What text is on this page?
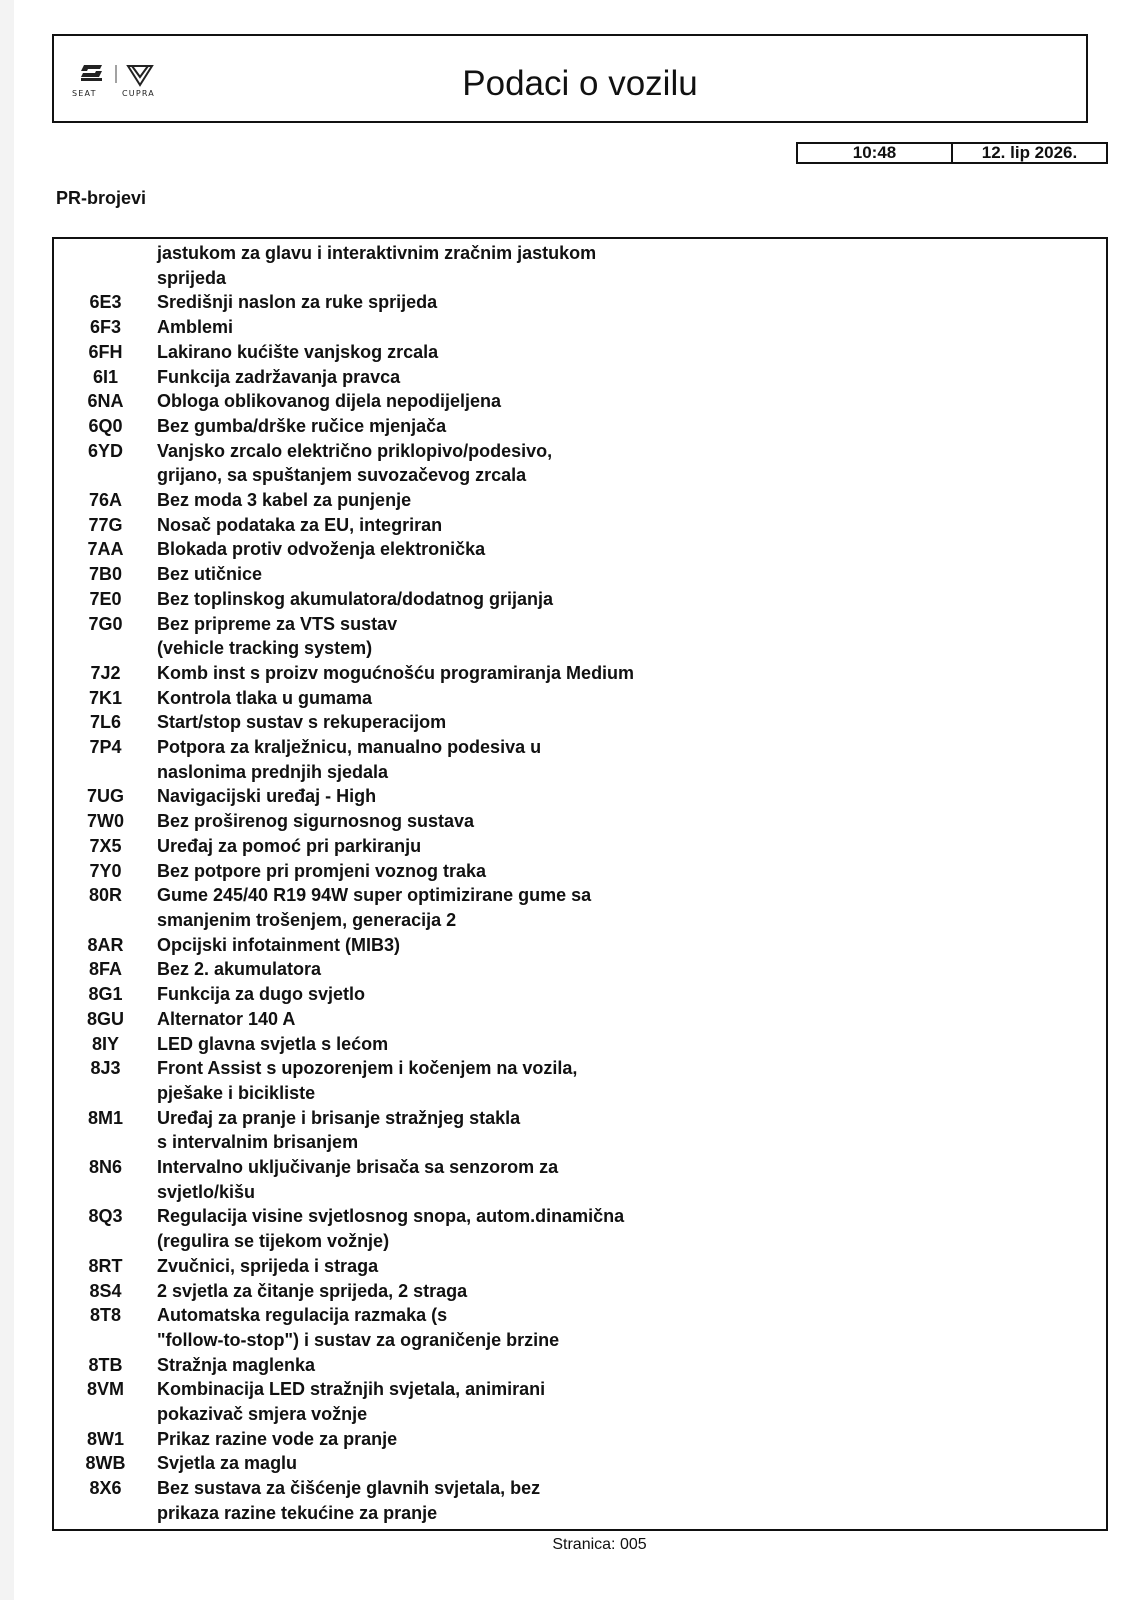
SEAT	CUPRA	Podaci o vozilu
10:48	12. lip 2026.
PR-brojevi
jastukom za glavu i interaktivnim zračnim jastukom
sprijeda
6E3	Središnji naslon za ruke sprijeda
6F3	Amblemi
6FH	Lakirano kućište vanjskog zrcala
6I1	Funkcija zadržavanja pravca
6NA	Obloga oblikovanog dijela nepodijeljena
6Q0	Bez gumba/drške ručice mjenjača
6YD	Vanjsko zrcalo električno priklopivo/podesivo,
grijano, sa spuštanjem suvozačevog zrcala
76A	Bez moda 3 kabel za punjenje
77G	Nosač podataka za EU, integriran
7AA	Blokada protiv odvoženja elektronička
7B0	Bez utičnice
7E0	Bez toplinskog akumulatora/dodatnog grijanja
7G0	Bez pripreme za VTS sustav
(vehicle tracking system)
7J2	Komb inst s proizv mogućnošću programiranja Medium
7K1	Kontrola tlaka u gumama
7L6	Start/stop sustav s rekuperacijom
7P4	Potpora za kralježnicu, manualno podesiva u
naslonima prednjih sjedala
7UG	Navigacijski uređaj - High
7W0	Bez proširenog sigurnosnog sustava
7X5	Uređaj za pomoć pri parkiranju
7Y0	Bez potpore pri promjeni voznog traka
80R	Gume 245/40 R19 94W super optimizirane gume sa
smanjenim trošenjem, generacija 2
8AR	Opcijski infotainment (MIB3)
8FA	Bez 2. akumulatora
8G1	Funkcija za dugo svjetlo
8GU	Alternator 140 A
8IY	LED glavna svjetla s lećom
8J3	Front Assist s upozorenjem i kočenjem na vozila,
pješake i bicikliste
8M1	Uređaj za pranje i brisanje stražnjeg stakla
s intervalnim brisanjem
8N6	Intervalno uključivanje brisača sa senzorom za
svjetlo/kišu
8Q3	Regulacija visine svjetlosnog snopa, autom.dinamična
(regulira se tijekom vožnje)
8RT	Zvučnici, sprijeda i straga
8S4	2 svjetla za čitanje sprijeda, 2 straga
8T8	Automatska regulacija razmaka (s
"follow-to-stop") i sustav za ograničenje brzine
8TB	Stražnja maglenka
8VM	Kombinacija LED stražnjih svjetala, animirani
pokazivač smjera vožnje
8W1	Prikaz razine vode za pranje
8WB	Svjetla za maglu
8X6	Bez sustava za čišćenje glavnih svjetala, bez
prikaza razine tekućine za pranje
Stranica: 005
